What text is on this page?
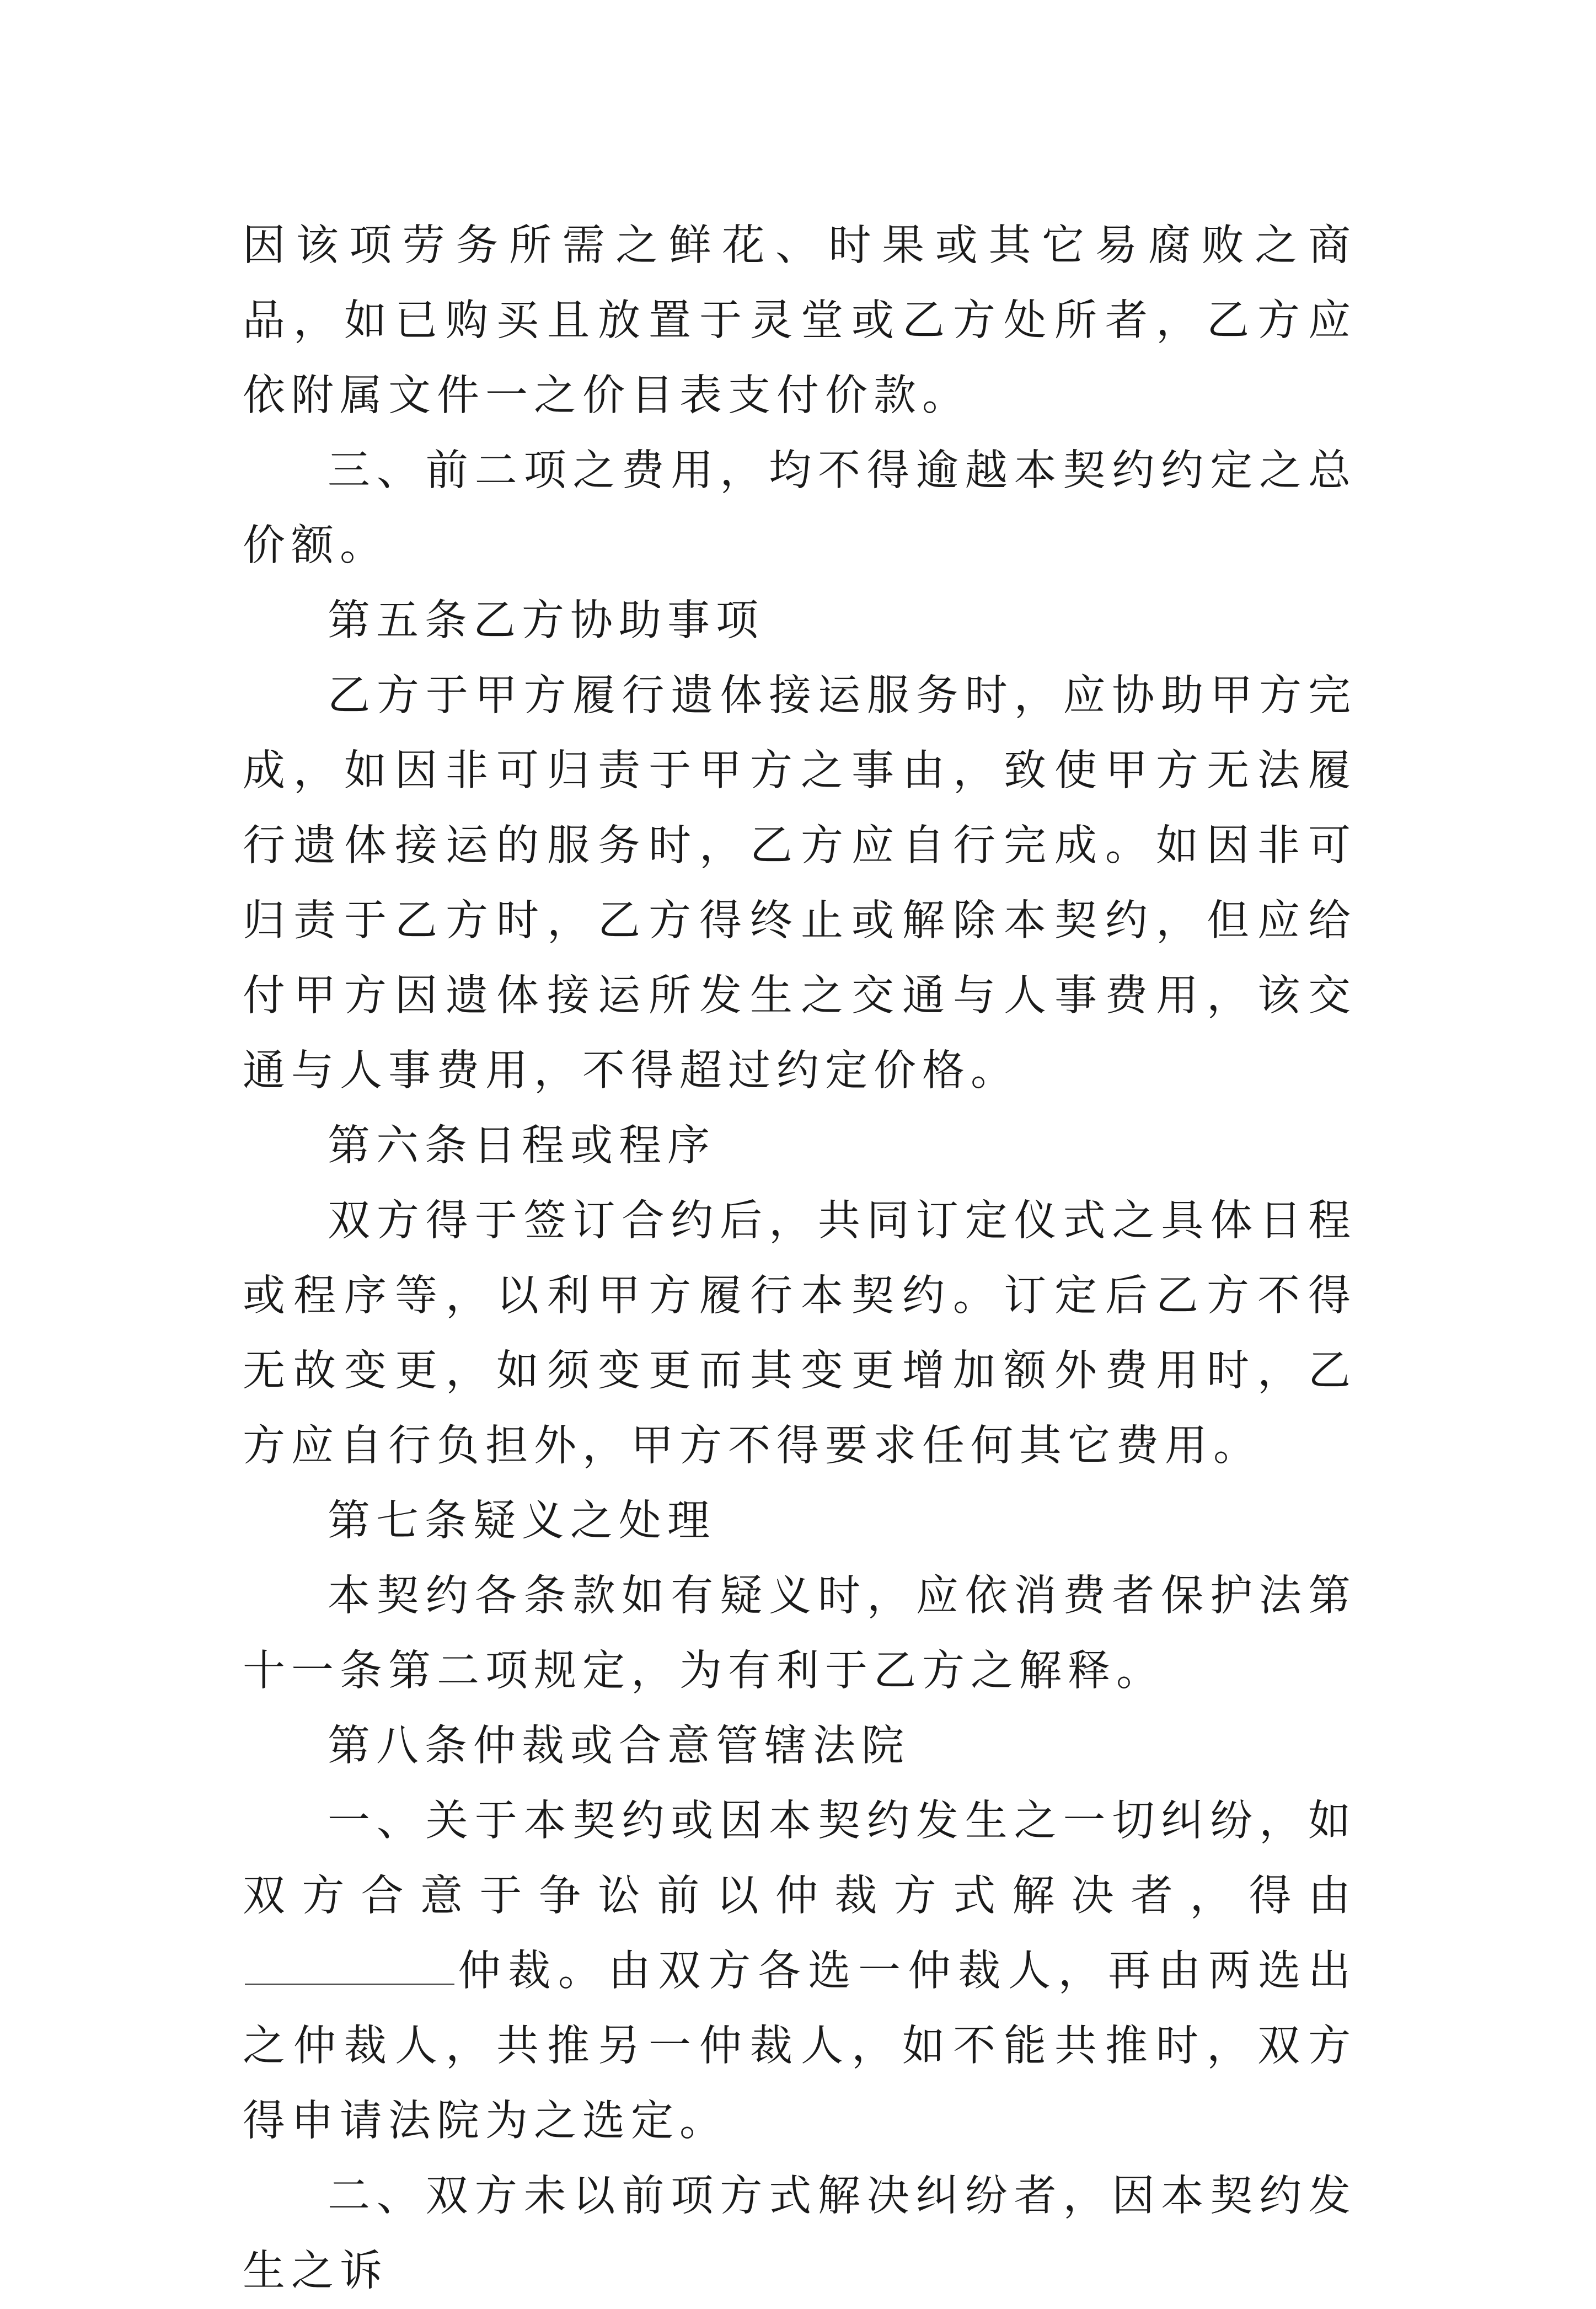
因该项劳务所需之鲜花、时果或其它易腐败之商品，如已购买且放置于灵堂或乙方处所者，乙方应依附属文件一之价目表支付价款。

三、前二项之费用，均不得逾越本契约约定之总价额。

第五条乙方协助事项

乙方于甲方履行遗体接运服务时，应协助甲方完成，如因非可归责于甲方之事由，致使甲方无法履行遗体接运的服务时，乙方应自行完成。如因非可归责于乙方时，乙方得终止或解除本契约，但应给付甲方因遗体接运所发生之交通与人事费用，该交通与人事费用，不得超过约定价格。

第六条日程或程序

双方得于签订合约后，共同订定仪式之具体日程或程序等，以利甲方履行本契约。订定后乙方不得无故变更，如须变更而其变更增加额外费用时，乙方应自行负担外，甲方不得要求任何其它费用。

第七条疑义之处理

本契约各条款如有疑义时，应依消费者保护法第十一条第二项规定，为有利于乙方之解释。

第八条仲裁或合意管辖法院

一、关于本契约或因本契约发生之一切纠纷，如双方合意于争讼前以仲裁方式解决者，得由仲裁。由双方各选一仲裁人，再由两选出之仲裁人，共推另一仲裁人，如不能共推时，双方得申请法院为之选定。

二、双方未以前项方式解决纠纷者，因本契约发生之诉
